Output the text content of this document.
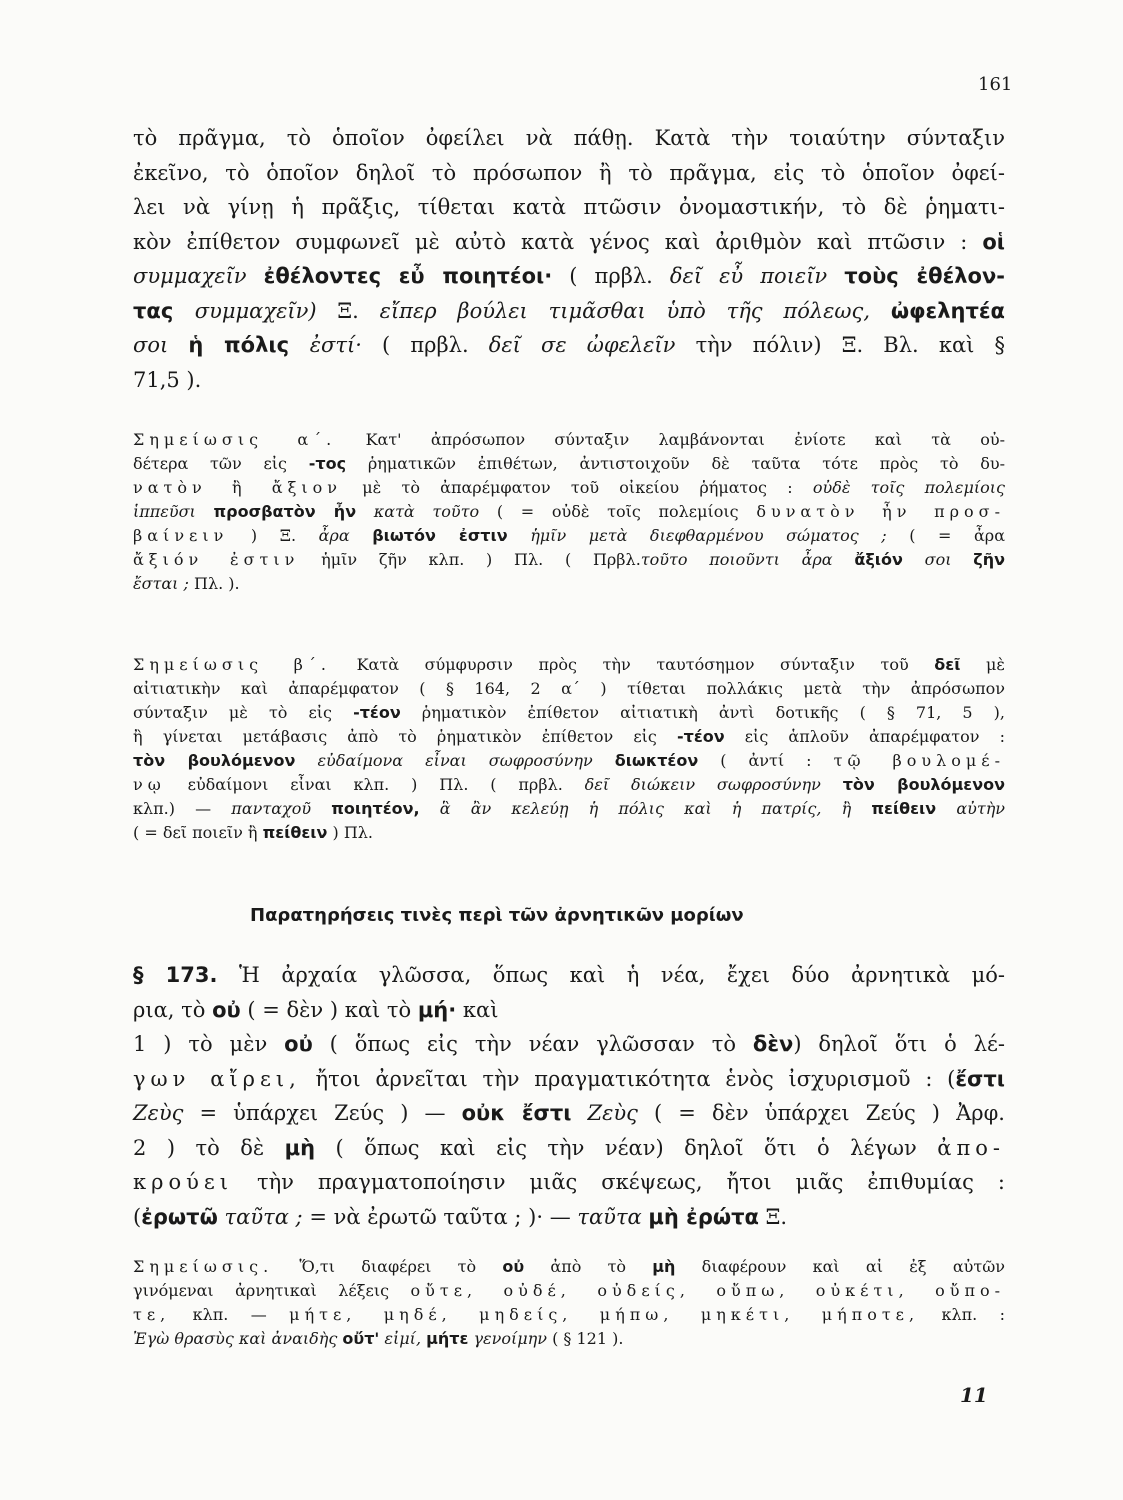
161
τὸ πρᾶγμα, τὸ ὁποῖον ὀφείλει νὰ πάθῃ. Κατὰ τὴν τοιαύτην σύνταξιν
ἐκεῖνο, τὸ ὁποῖον δηλοῖ τὸ πρόσωπον ἢ τὸ πρᾶγμα, εἰς τὸ ὁποῖον ὀφεί-
λει νὰ γίνῃ ἡ πρᾶξις, τίθεται κατὰ πτῶσιν ὀνομαστικήν, τὸ δὲ ῥηματι-
κὸν ἐπίθετον συμφωνεῖ μὲ αὐτὸ κατὰ γένος καὶ ἀριθμὸν καὶ πτῶσιν : οἱ
συμμαχεῖν ἐθέλοντες εὖ ποιητέοι· ( πρβλ. δεῖ εὖ ποιεῖν τοὺς ἐθέλον-
τας συμμαχεῖν) Ξ. εἴπερ βούλει τιμᾶσθαι ὑπὸ τῆς πόλεως, ὠφελητέα
σοι ἡ πόλις ἐστί· ( πρβλ. δεῖ σε ὠφελεῖν τὴν πόλιν) Ξ. Βλ. καὶ §
71,5 ).
Σημείωσις α΄. Κατ' ἀπρόσωπον σύνταξιν λαμβάνονται ἐνίοτε καὶ τὰ οὐ-
δέτερα τῶν εἰς -τος ῥηματικῶν ἐπιθέτων, ἀντιστοιχοῦν δὲ ταῦτα τότε πρὸς τὸ δυ-
νατὸν ἢ ἄξιον μὲ τὸ ἀπαρέμφατον τοῦ οἰκείου ῥήματος : οὐδὲ τοῖς πολεμίοις
ἱππεῦσι προσβατὸν ἦν κατὰ τοῦτο ( = οὐδὲ τοῖς πολεμίοις δυνατὸν ἦν προσ-
βαίνειν ) Ξ. ἆρα βιωτόν ἐστιν ἡμῖν μετὰ διεφθαρμένου σώματος ; ( = ἆρα
ἄξιόν ἐστιν ἡμῖν ζῆν κλπ. ) Πλ. ( Πρβλ.τοῦτο ποιοῦντι ἆρα ἄξιόν σοι ζῆν
ἔσται ; Πλ. ).
Σημείωσις β΄. Κατὰ σύμφυρσιν πρὸς τὴν ταυτόσημον σύνταξιν τοῦ δεῖ μὲ
αἰτιατικὴν καὶ ἀπαρέμφατον ( § 164, 2 α΄ ) τίθεται πολλάκις μετὰ τὴν ἀπρόσωπον
σύνταξιν μὲ τὸ εἰς -τέον ῥηματικὸν ἐπίθετον αἰτιατικὴ ἀντὶ δοτικῆς ( § 71, 5 ),
ἢ γίνεται μετάβασις ἀπὸ τὸ ῥηματικὸν ἐπίθετον εἰς -τέον εἰς ἁπλοῦν ἀπαρέμφατον :
τὸν βουλόμενον εὐδαίμονα εἶναι σωφροσύνην διωκτέον ( ἀντί : τῷ βουλομέ-
νῳ εὐδαίμονι εἶναι κλπ. ) Πλ. ( πρβλ. δεῖ διώκειν σωφροσύνην τὸν βουλόμενον
κλπ.) — πανταχοῦ ποιητέον, ἃ ἂν κελεύῃ ἡ πόλις καὶ ἡ πατρίς, ἢ πείθειν αὐτὴν
( = δεῖ ποιεῖν ἢ πείθειν ) Πλ.
Παρατηρήσεις τινὲς περὶ τῶν ἀρνητικῶν μορίων
§ 173. Ἡ ἀρχαία γλῶσσα, ὅπως καὶ ἡ νέα, ἔχει δύο ἀρνητικὰ μό-
ρια, τὸ οὐ ( = δὲν ) καὶ τὸ μή· καὶ
1 ) τὸ μὲν οὐ ( ὅπως εἰς τὴν νέαν γλῶσσαν τὸ δὲν) δηλοῖ ὅτι ὁ λέ-
γων αἴρει, ἤτοι ἀρνεῖται τὴν πραγματικότητα ἑνὸς ἰσχυρισμοῦ : (ἔστι
Ζεὺς = ὑπάρχει Ζεύς ) — οὐκ ἔστι Ζεὺς ( = δὲν ὑπάρχει Ζεύς ) Ἀρφ.
2 ) τὸ δὲ μὴ ( ὅπως καὶ εἰς τὴν νέαν) δηλοῖ ὅτι ὁ λέγων ἀπο-
κρούει τὴν πραγματοποίησιν μιᾶς σκέψεως, ἤτοι μιᾶς ἐπιθυμίας :
(ἐρωτῶ ταῦτα ; = νὰ ἐρωτῶ ταῦτα ; )· — ταῦτα μὴ ἐρώτα Ξ.
Σημείωσις. Ὅ,τι διαφέρει τὸ οὐ ἀπὸ τὸ μὴ διαφέρουν καὶ αἱ ἐξ αὐτῶν
γινόμεναι ἀρνητικαὶ λέξεις οὔτε, οὐδέ, οὐδείς, οὔπω, οὐκέτι, οὔπο-
τε, κλπ. — μήτε, μηδέ, μηδείς, μήπω, μηκέτι, μήποτε, κλπ. :
Ἐγὼ θρασὺς καὶ ἀναιδὴς οὔτ' εἰμί, μήτε γενοίμην ( § 121 ).
11
